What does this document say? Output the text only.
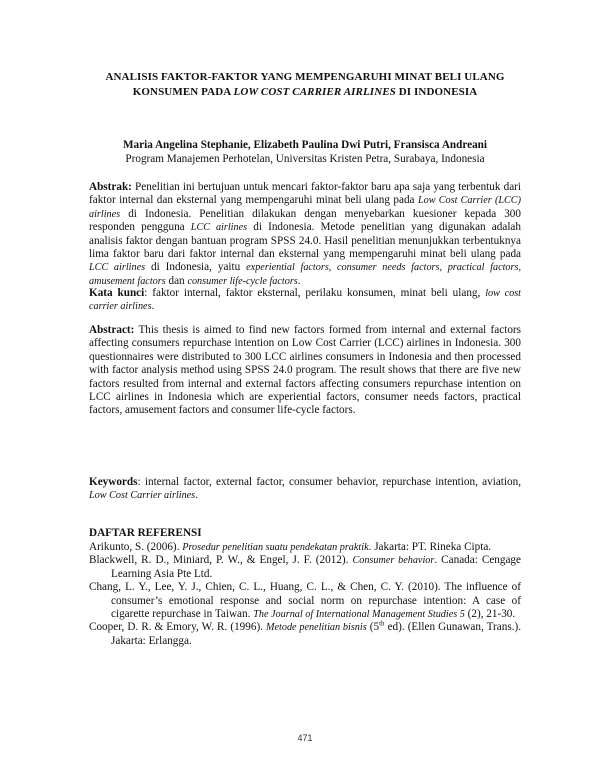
ANALISIS FAKTOR-FAKTOR YANG MEMPENGARUHI MINAT BELI ULANG
KONSUMEN PADA LOW COST CARRIER AIRLINES DI INDONESIA
Maria Angelina Stephanie, Elizabeth Paulina Dwi Putri, Fransisca Andreani
Program Manajemen Perhotelan, Universitas Kristen Petra, Surabaya, Indonesia
Abstrak: Penelitian ini bertujuan untuk mencari faktor-faktor baru apa saja yang terbentuk dari faktor internal dan eksternal yang mempengaruhi minat beli ulang pada Low Cost Carrier (LCC) airlines di Indonesia. Penelitian dilakukan dengan menyebarkan kuesioner kepada 300 responden pengguna LCC airlines di Indonesia. Metode penelitian yang digunakan adalah analisis faktor dengan bantuan program SPSS 24.0. Hasil penelitian menunjukkan terbentuknya lima faktor baru dari faktor internal dan eksternal yang mempengaruhi minat beli ulang pada LCC airlines di Indonesia, yaitu experiential factors, consumer needs factors, practical factors, amusement factors dan consumer life-cycle factors.
Kata kunci: faktor internal, faktor eksternal, perilaku konsumen, minat beli ulang, low cost carrier airlines.
Abstract: This thesis is aimed to find new factors formed from internal and external factors affecting consumers repurchase intention on Low Cost Carrier (LCC) airlines in Indonesia. 300 questionnaires were distributed to 300 LCC airlines consumers in Indonesia and then processed with factor analysis method using SPSS 24.0 program. The result shows that there are five new factors resulted from internal and external factors affecting consumers repurchase intention on LCC airlines in Indonesia which are experiential factors, consumer needs factors, practical factors, amusement factors and consumer life-cycle factors.
Keywords: internal factor, external factor, consumer behavior, repurchase intention, aviation, Low Cost Carrier airlines.
DAFTAR REFERENSI

Arikunto, S. (2006). Prosedur penelitian suatu pendekatan praktik. Jakarta: PT. Rineka Cipta.

Blackwell, R. D., Miniard, P. W., & Engel, J. F. (2012). Consumer behavior. Canada: Cengage Learning Asia Pte Ltd.

Chang, L. Y., Lee, Y. J., Chien, C. L., Huang, C. L., & Chen, C. Y. (2010). The influence of consumer’s emotional response and social norm on repurchase intention: A case of cigarette repurchase in Taiwan. The Journal of International Management Studies 5 (2), 21-30.

Cooper, D. R. & Emory, W. R. (1996). Metode penelitian bisnis (5th ed). (Ellen Gunawan, Trans.). Jakarta: Erlangga.

471
